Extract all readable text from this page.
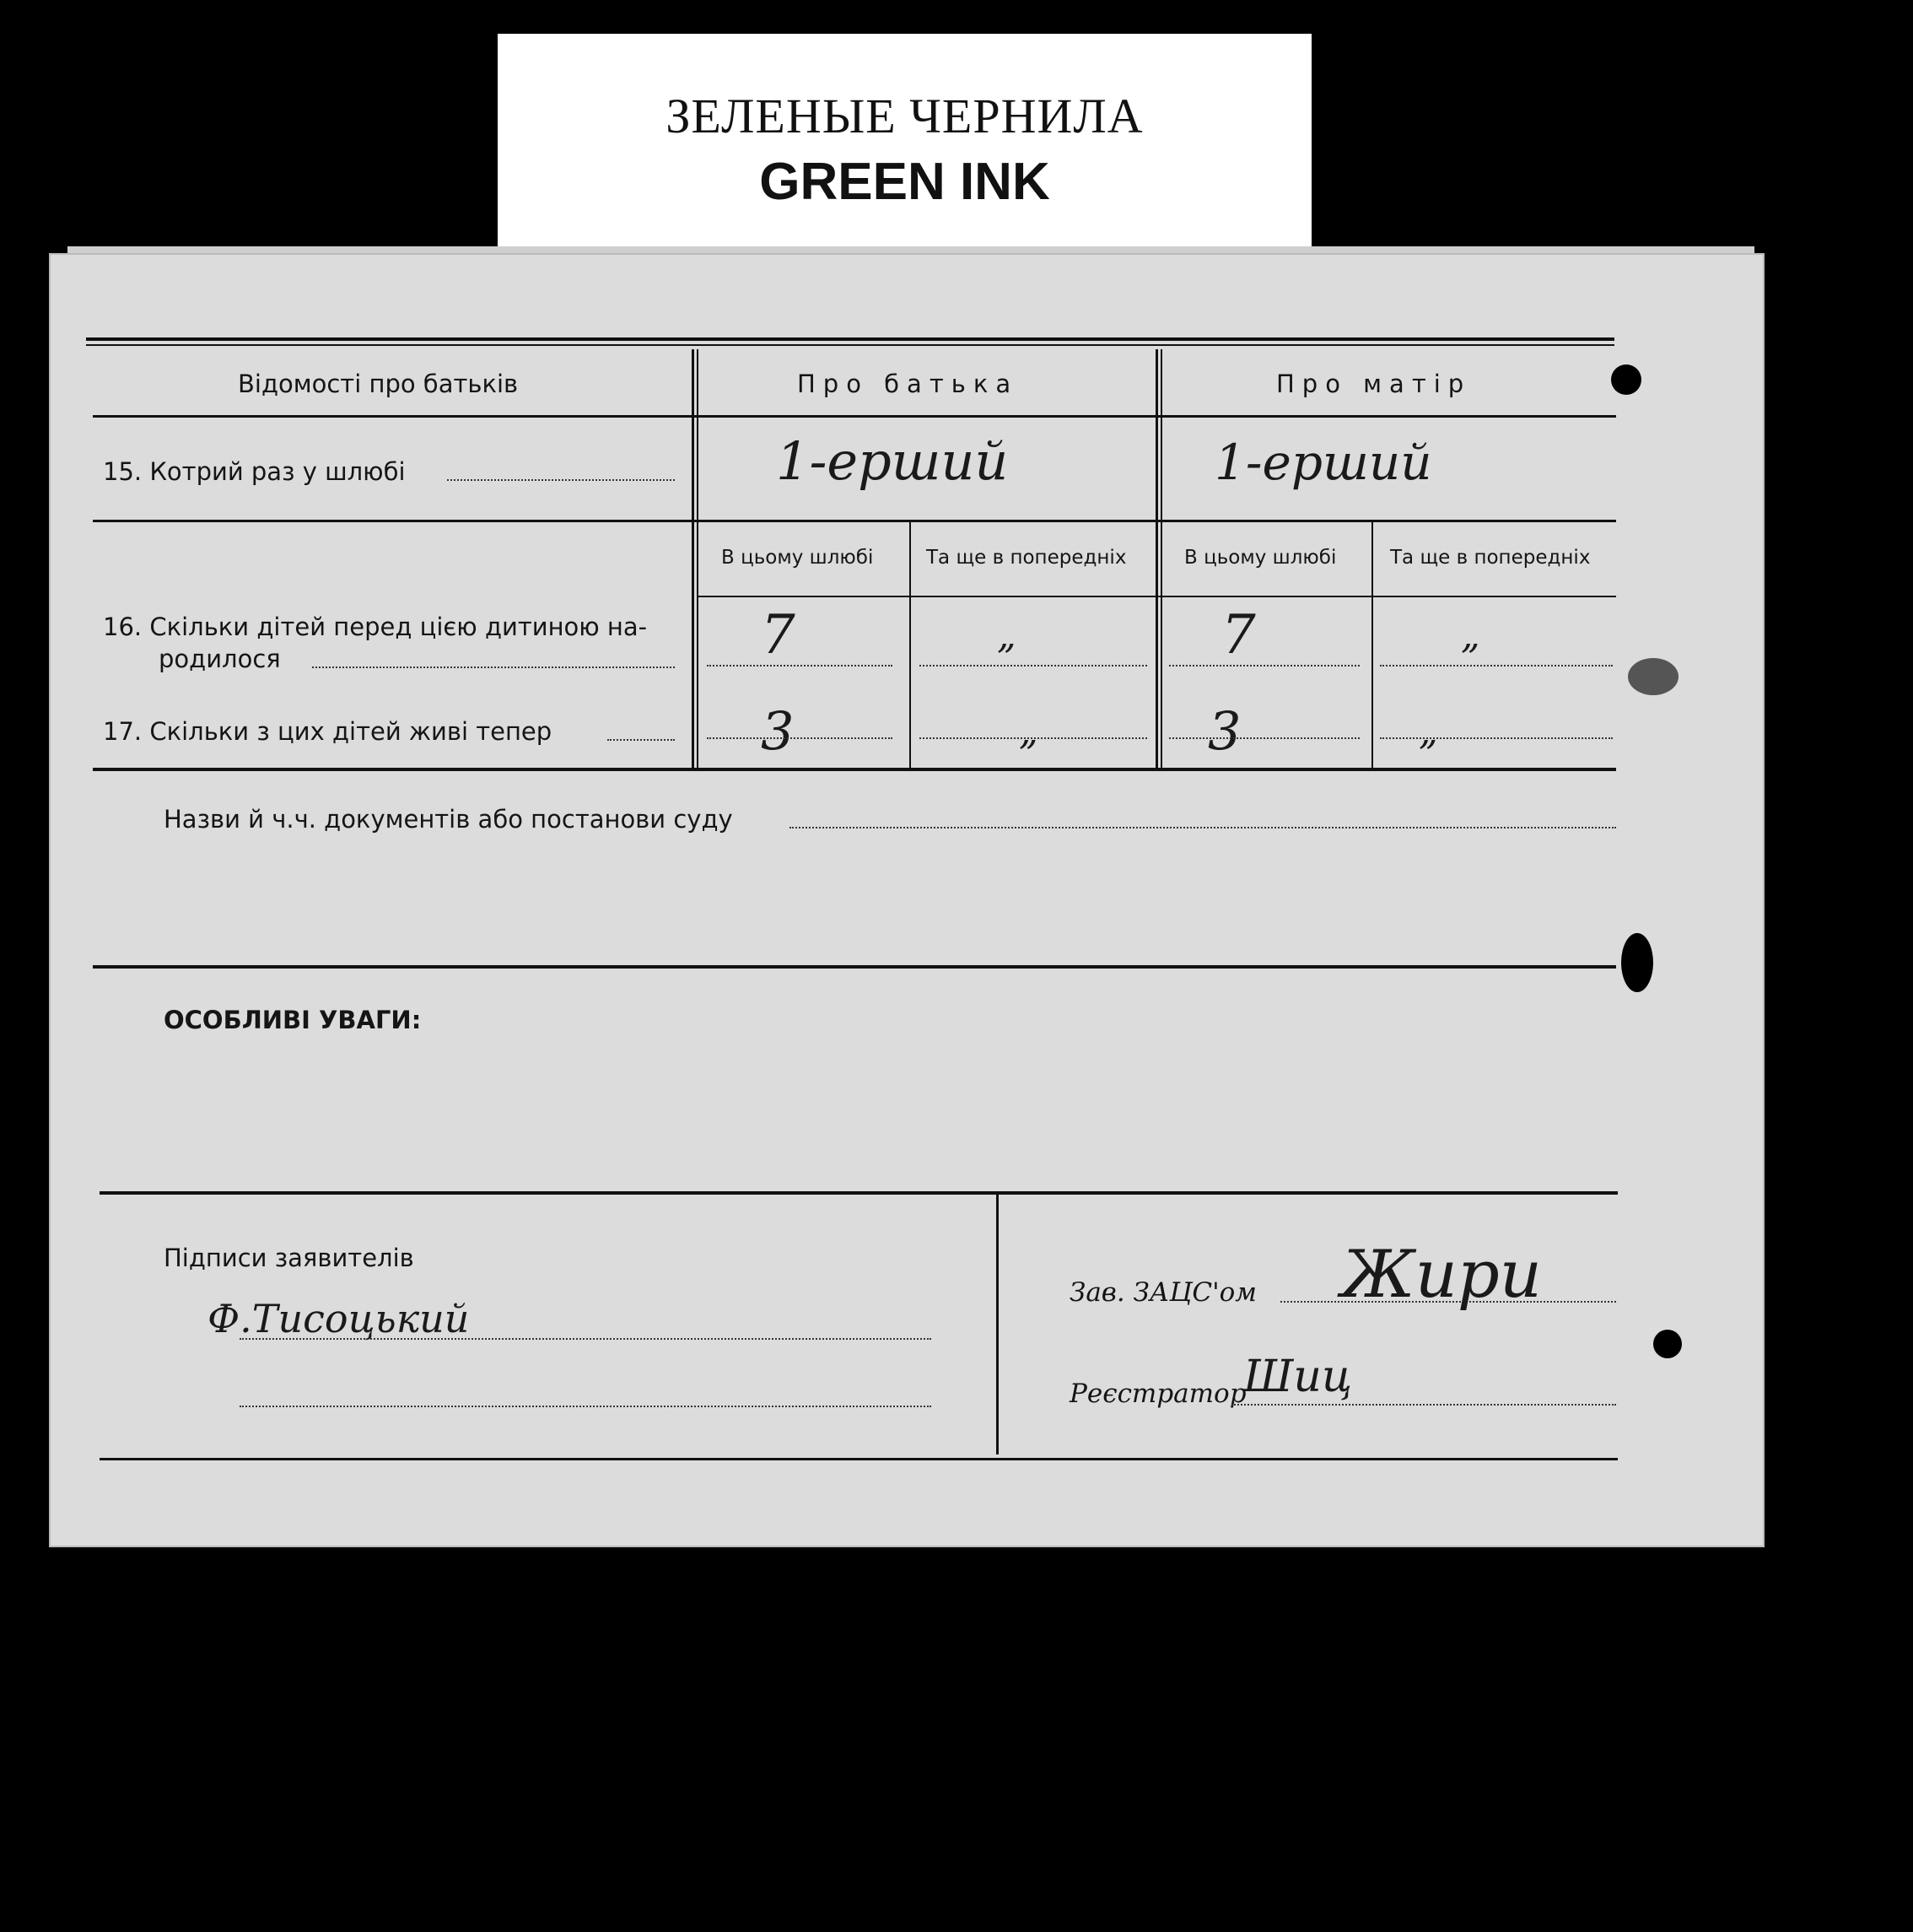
ЗЕЛЕНЫЕ ЧЕРНИЛА
GREEN INK
Відомості про батьків	Про батька	Про матір
15. Котрий раз у шлюбі	1-ерший	1-ерший
В цьому шлюбі	Та ще в попередніх	В цьому шлюбі	Та ще в попередніх
16. Скільки дітей перед цією дитиною на-
родилося	7	„	7	„
17. Скільки з цих дітей живі тепер	3	„	3	„
Назви й ч.ч. документів або постанови суду
ОСОБЛИВІ УВАГИ:
Підписи заявителів
Ф.Тисоцький
Зав. ЗАЦС'ом Жири
Реєстратор
Шиц
